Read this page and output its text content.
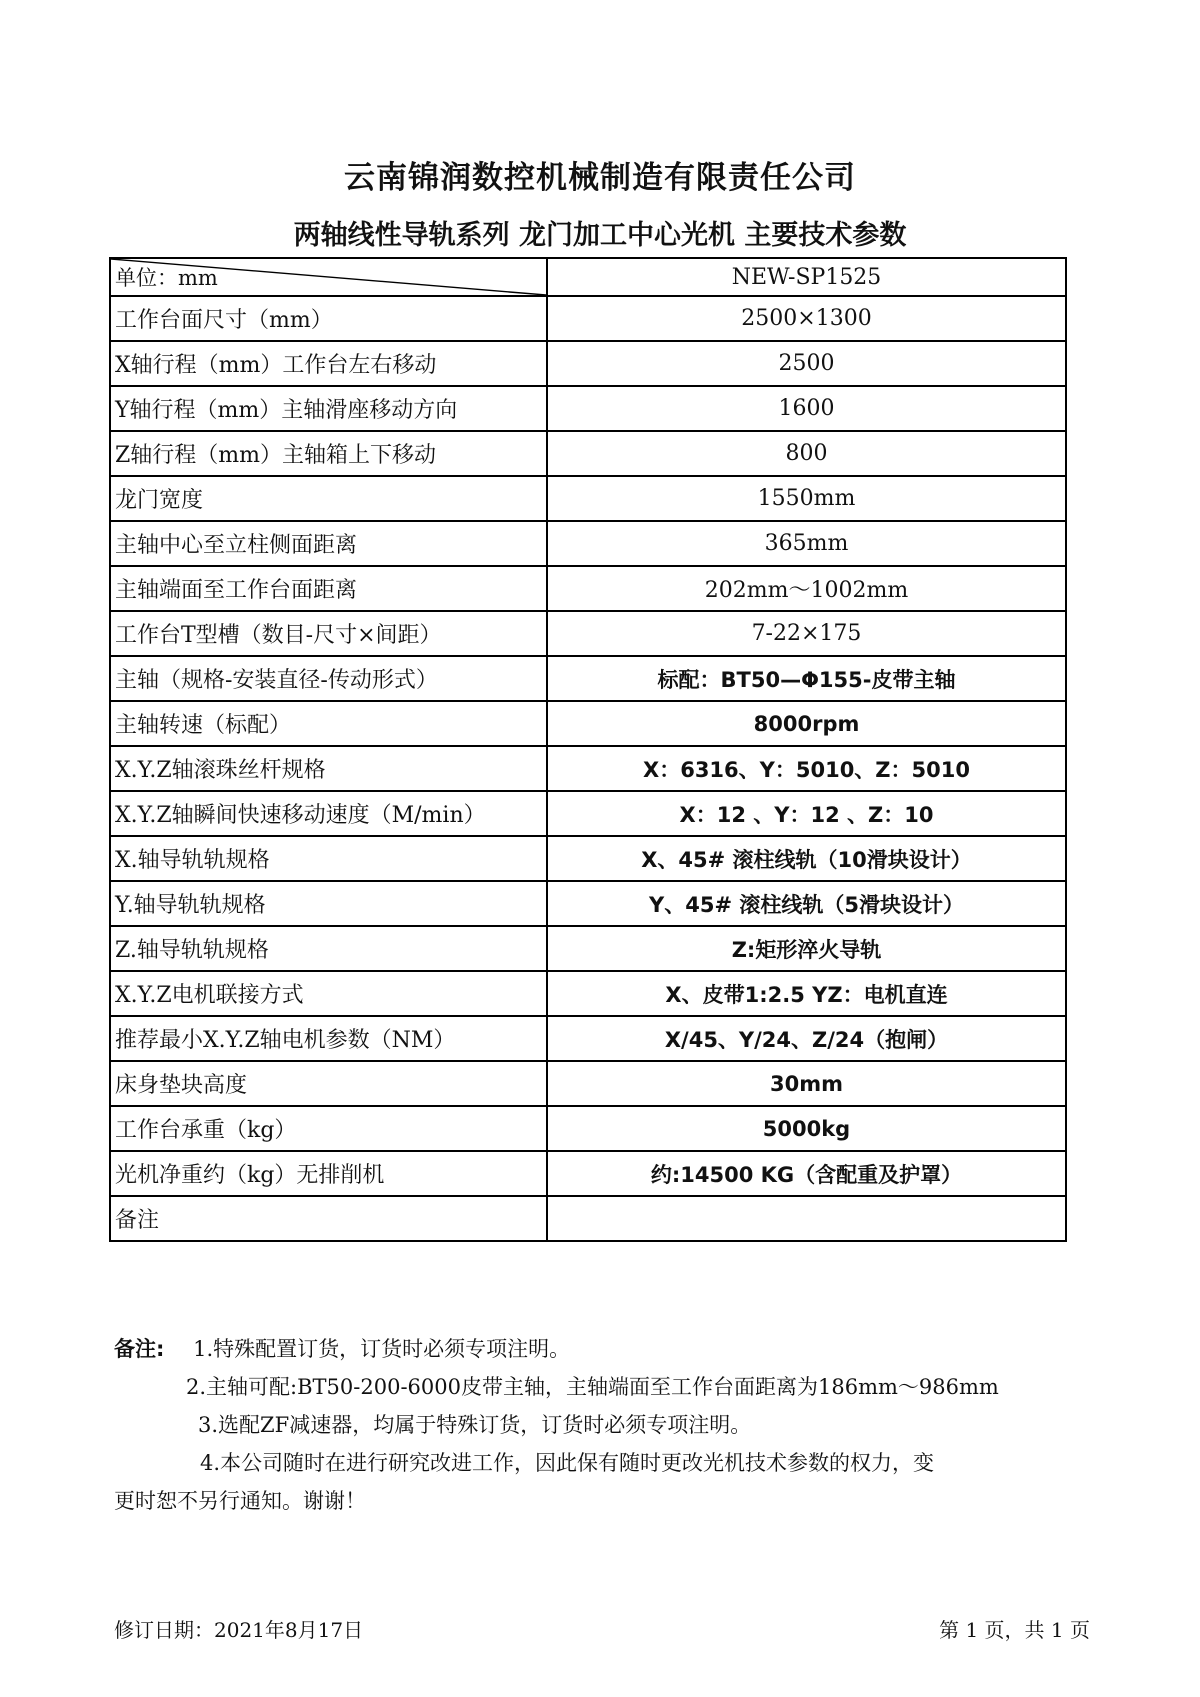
云南锦润数控机械制造有限责任公司
两轴线性导轨系列 龙门加工中心光机 主要技术参数
单位：mm	NEW-SP1525
工作台面尺寸（mm）	2500×1300
X轴行程（mm）工作台左右移动	2500
Y轴行程（mm）主轴滑座移动方向	1600
Z轴行程（mm）主轴箱上下移动	800
龙门宽度	1550mm
主轴中心至立柱侧面距离	365mm
主轴端面至工作台面距离	202mm～1002mm
工作台T型槽（数目-尺寸×间距）	7-22×175
主轴（规格-安装直径-传动形式）	标配：BT50—Φ155-皮带主轴
主轴转速（标配）	8000rpm
X.Y.Z轴滚珠丝杆规格	X：6316、Y：5010、Z：5010
X.Y.Z轴瞬间快速移动速度（M/min）	X：12 、Y：12 、Z：10
X.轴导轨轨规格	X、45# 滚柱线轨（10滑块设计）
Y.轴导轨轨规格	Y、45# 滚柱线轨（5滑块设计）
Z.轴导轨轨规格	Z:矩形淬火导轨
X.Y.Z电机联接方式	X、皮带1:2.5 YZ：电机直连
推荐最小X.Y.Z轴电机参数（NM）	X/45、Y/24、Z/24（抱闸）
床身垫块高度	30mm
工作台承重（kg）	5000kg
光机净重约（kg）无排削机	约:14500 KG（含配重及护罩）
备注	
备注: 1.特殊配置订货，订货时必须专项注明。
2.主轴可配:BT50-200-6000皮带主轴，主轴端面至工作台面距离为186mm～986mm
3.选配ZF减速器，均属于特殊订货，订货时必须专项注明。
4.本公司随时在进行研究改进工作，因此保有随时更改光机技术参数的权力，变
更时恕不另行通知。谢谢！
修订日期：2021年8月17日	第 1 页，共 1 页
